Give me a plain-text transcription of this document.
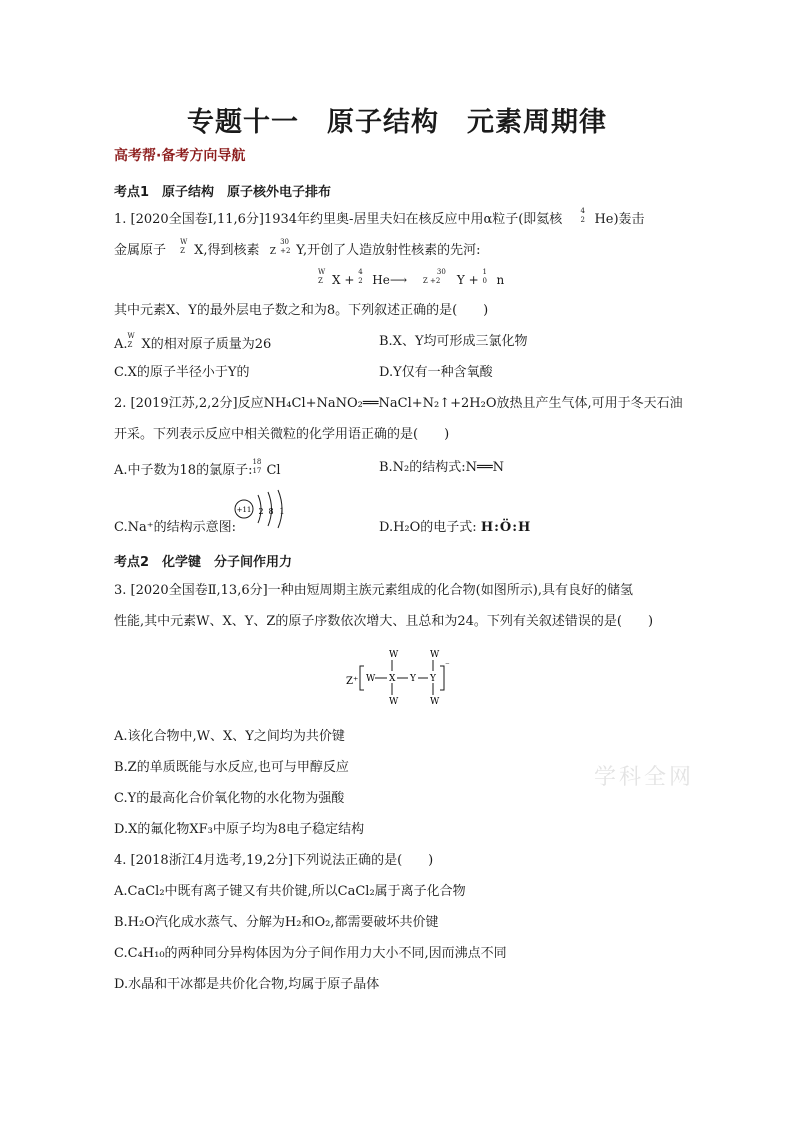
专题十一　原子结构　元素周期律
高考帮·备考方向导航
考点1　原子结构　原子核外电子排布
1. [2020全国卷Ⅰ,11,6分]1934年约里奥-居里夫妇在核反应中用α粒子(即氦核
4
2 He)轰击
金属原子
W
Z X,得到核素 Z
30
+2 Y,开创了人造放射性核素的先河:
W
Z X +
4
2 He⟶
30
Z +2 Y +
1
0 n
其中元素X、Y的最外层电子数之和为8。下列叙述正确的是(　　)
A.
W
Z X的相对原子质量为26	B.X、Y均可形成三氯化物
C.X的原子半径小于Y的	D.Y仅有一种含氧酸
2. [2019江苏,2,2分]反应NH₄Cl+NaNO₂══NaCl+N₂↑+2H₂O放热且产生气体,可用于冬天石油
开采。下列表示反应中相关微粒的化学用语正确的是(　　)
A.中子数为18的氯原子:
18
17 Cl	B.N₂的结构式:N══N
C.Na⁺的结构示意图:
+11 2 8 1
D.H₂O的电子式: H:Ö:H
考点2　化学键　分子间作用力
3. [2020全国卷Ⅱ,13,6分]一种由短周期主族元素组成的化合物(如图所示),具有良好的储氢
性能,其中元素W、X、Y、Z的原子序数依次增大、且总和为24。下列有关叙述错误的是(　　)
Z⁺
⁻
W X
W
W
Y Y
W
W
A.该化合物中,W、X、Y之间均为共价键
B.Z的单质既能与水反应,也可与甲醇反应
C.Y的最高化合价氧化物的水化物为强酸
D.X的氟化物XF₃中原子均为8电子稳定结构
4. [2018浙江4月选考,19,2分]下列说法正确的是(　　)
A.CaCl₂中既有离子键又有共价键,所以CaCl₂属于离子化合物
B.H₂O汽化成水蒸气、分解为H₂和O₂,都需要破坏共价键
C.C₄H₁₀的两种同分异构体因为分子间作用力大小不同,因而沸点不同
D.水晶和干冰都是共价化合物,均属于原子晶体
学科全网
